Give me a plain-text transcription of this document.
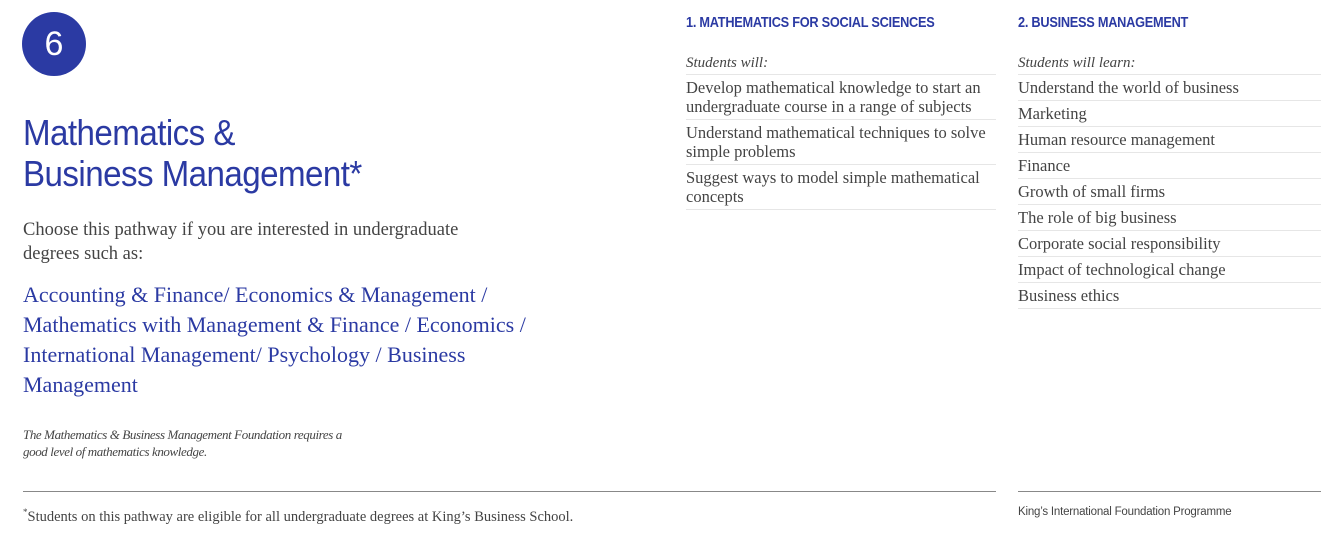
6
Mathematics &
Business Management*

Choose this pathway if you are interested in undergraduate degrees such as:

Accounting & Finance/ Economics & Management / Mathematics with Management & Finance / Economics / International Management/ Psychology / Business Management

The Mathematics & Business Management Foundation requires a good level of mathematics knowledge.

1. MATHEMATICS FOR SOCIAL SCIENCES
Students will:
Develop mathematical knowledge to start an undergraduate course in a range of subjects
Understand mathematical techniques to solve simple problems
Suggest ways to model simple mathematical concepts
2. BUSINESS MANAGEMENT
Students will learn:
Understand the world of business
Marketing
Human resource management
Finance
Growth of small firms
The role of big business
Corporate social responsibility
Impact of technological change
Business ethics

*Students on this pathway are eligible for all undergraduate degrees at King’s Business School.	King’s International Foundation Programme
